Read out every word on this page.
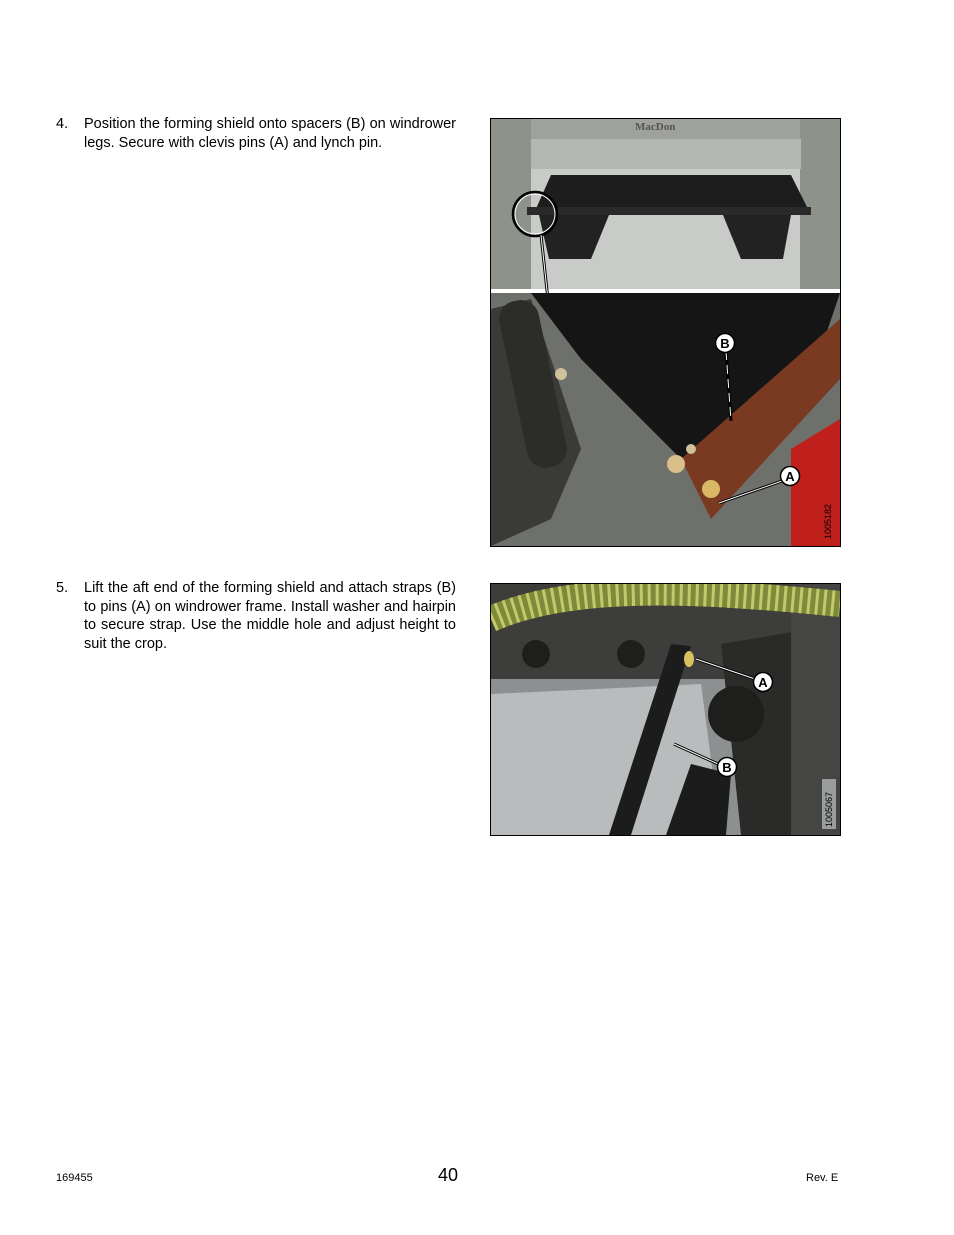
4. Position the forming shield onto spacers (B) on windrower legs. Secure with clevis pins (A) and lynch pin.
MacDon
B
A
1005182
5. Lift the aft end of the forming shield and attach straps (B) to pins (A) on windrower frame. Install washer and hairpin to secure strap. Use the middle hole and adjust height to suit the crop.
A
B
1005067
169455	40	Rev. E
